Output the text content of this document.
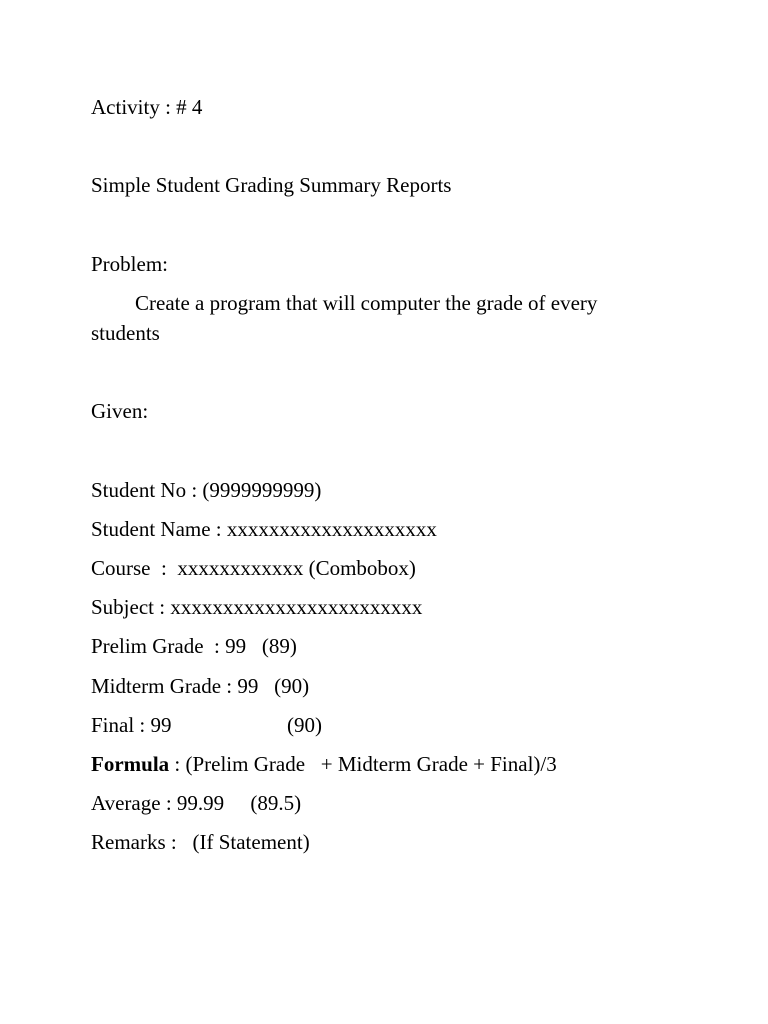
Activity : # 4

Simple Student Grading Summary Reports

Problem:

Create a program that will computer the grade of every

students

Given:

Student No : (9999999999)

Student Name : xxxxxxxxxxxxxxxxxxxx

Course  :  xxxxxxxxxxxx (Combobox)

Subject : xxxxxxxxxxxxxxxxxxxxxxxx

Prelim Grade  : 99   (89)

Midterm Grade : 99   (90)

Final : 99                      (90)

Formula : (Prelim Grade   + Midterm Grade + Final)/3

Average : 99.99     (89.5)

Remarks :   (If Statement)
